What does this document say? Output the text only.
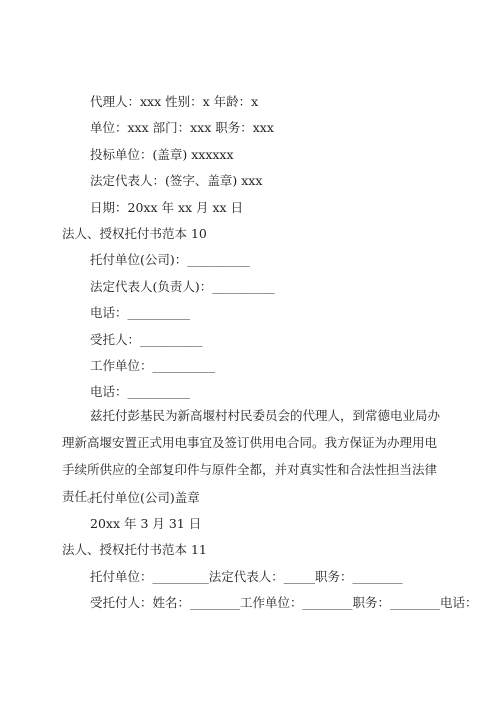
代理人：xxx 性别：x 年龄：x
单位：xxx 部门：xxx 职务：xxx
投标单位：(盖章) xxxxxx
法定代表人：(签字、盖章) xxx
日期：20xx 年 xx 月 xx 日
法人、授权托付书范本 10
托付单位(公司)：__________
法定代表人(负责人)：__________
电话：__________
受托人：__________
工作单位：__________
电话：__________
兹托付彭基民为新高堰村村民委员会的代理人，到常德电业局办理新高堰安置正式用电事宜及签订供用电合同。我方保证为办理用电手续所供应的全部复印件与原件全都，并对真实性和合法性担当法律责任。
托付单位(公司)盖章
20xx 年 3 月 31 日
法人、授权托付书范本 11
托付单位：_________法定代表人：_____职务：________
受托付人：姓名：________工作单位：________职务：________电话：
